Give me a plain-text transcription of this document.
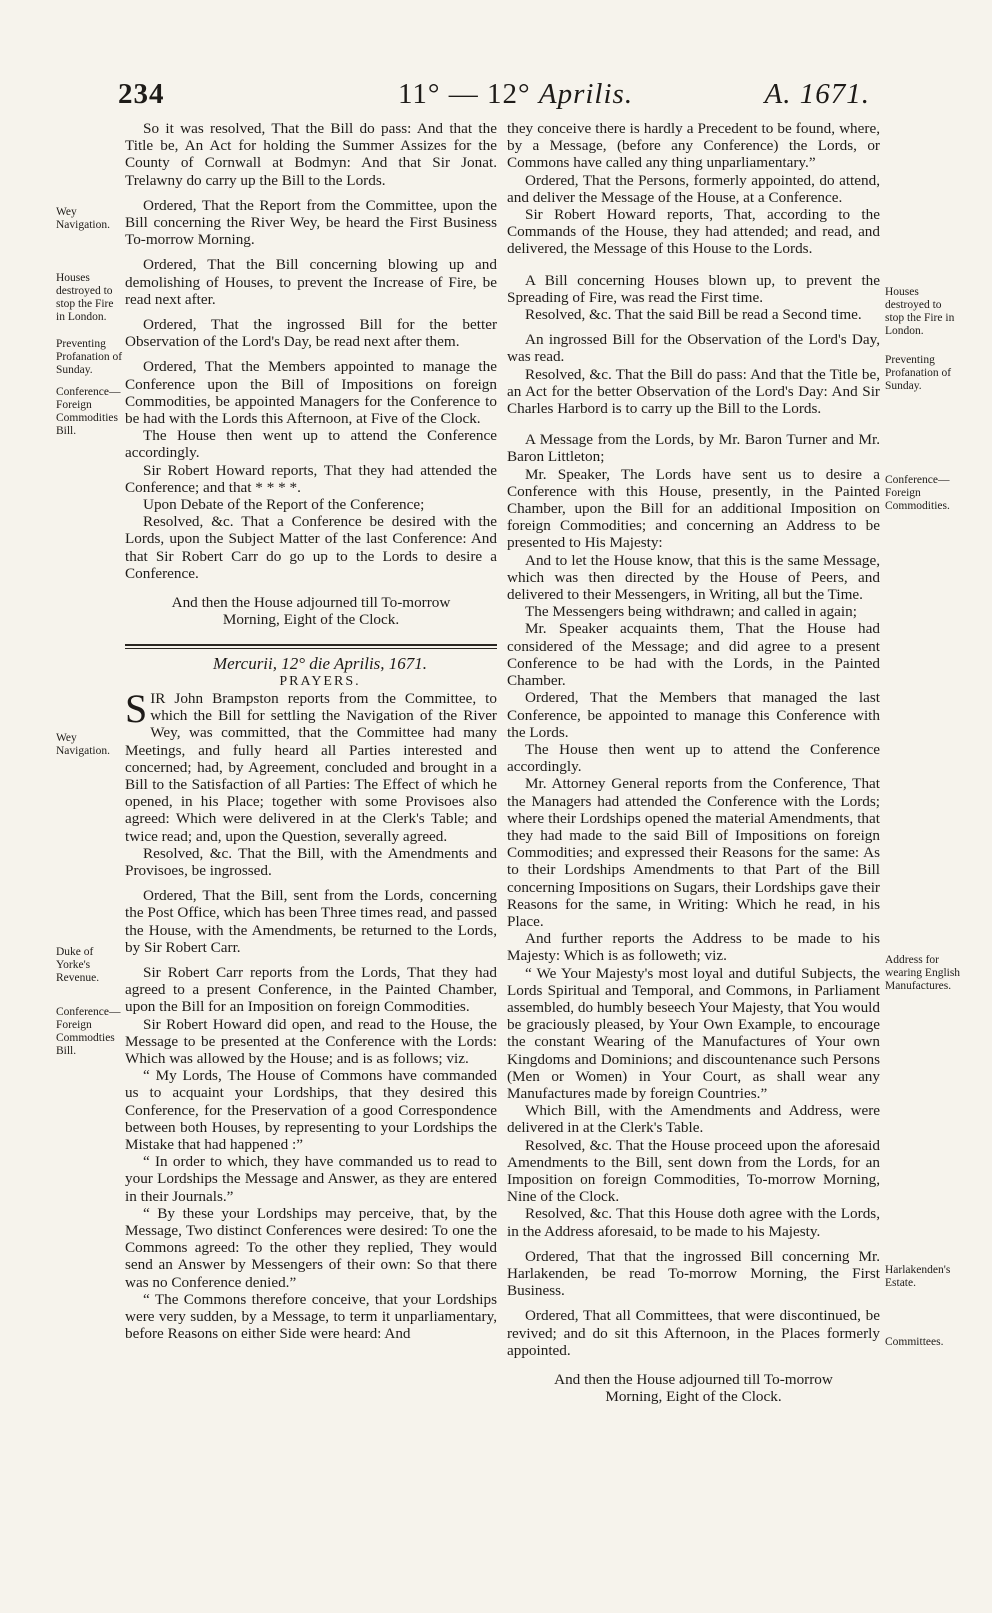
234	11° — 12° Aprilis.	A. 1671.
Wey Navigation.
Houses destroyed to stop the Fire in London.
Preventing Profanation of Sunday.
Conference— Foreign Commodities Bill.
Wey Navigation.
Duke of Yorke's Revenue.
Conference— Foreign Commodties Bill.
Houses destroyed to stop the Fire in London.
Preventing Profanation of Sunday.
Conference— Foreign Commodities.
Address for wearing English Manufactures.
Harlakenden's Estate.
Committees.

So it was resolved, That the Bill do pass: And that the Title be, An Act for holding the Summer Assizes for the County of Cornwall at Bodmyn: And that Sir Jonat. Trelawny do carry up the Bill to the Lords.

Ordered, That the Report from the Committee, upon the Bill concerning the River Wey, be heard the First Business To-morrow Morning.

Ordered, That the Bill concerning blowing up and demolishing of Houses, to prevent the Increase of Fire, be read next after.

Ordered, That the ingrossed Bill for the better Observation of the Lord's Day, be read next after them.

Ordered, That the Members appointed to manage the Conference upon the Bill of Impositions on foreign Commodities, be appointed Managers for the Conference to be had with the Lords this Afternoon, at Five of the Clock.

The House then went up to attend the Conference accordingly.

Sir Robert Howard reports, That they had attended the Conference; and that * * * *.

Upon Debate of the Report of the Conference;

Resolved, &c. That a Conference be desired with the Lords, upon the Subject Matter of the last Conference: And that Sir Robert Carr do go up to the Lords to desire a Conference.

And then the House adjourned till To-morrow Morning, Eight of the Clock.

Mercurii, 12° die Aprilis, 1671.

PRAYERS.

SIR John Brampston reports from the Committee, to which the Bill for settling the Navigation of the River Wey, was committed, that the Committee had many Meetings, and fully heard all Parties interested and concerned; had, by Agreement, concluded and brought in a Bill to the Satisfaction of all Parties: The Effect of which he opened, in his Place; together with some Provisoes also agreed: Which were delivered in at the Clerk's Table; and twice read; and, upon the Question, severally agreed.

Resolved, &c. That the Bill, with the Amendments and Provisoes, be ingrossed.

Ordered, That the Bill, sent from the Lords, concerning the Post Office, which has been Three times read, and passed the House, with the Amendments, be returned to the Lords, by Sir Robert Carr.

Sir Robert Carr reports from the Lords, That they had agreed to a present Conference, in the Painted Chamber, upon the Bill for an Imposition on foreign Commodities.

Sir Robert Howard did open, and read to the House, the Message to be presented at the Conference with the Lords: Which was allowed by the House; and is as follows; viz.

“ My Lords, The House of Commons have commanded us to acquaint your Lordships, that they desired this Conference, for the Preservation of a good Correspondence between both Houses, by representing to your Lordships the Mistake that had happened :”

“ In order to which, they have commanded us to read to your Lordships the Message and Answer, as they are entered in their Journals.”

“ By these your Lordships may perceive, that, by the Message, Two distinct Conferences were desired: To one the Commons agreed: To the other they replied, They would send an Answer by Messengers of their own: So that there was no Conference denied.”

“ The Commons therefore conceive, that your Lordships were very sudden, by a Message, to term it unparliamentary, before Reasons on either Side were heard: And

they conceive there is hardly a Precedent to be found, where, by a Message, (before any Conference) the Lords, or Commons have called any thing unparliamentary.”

Ordered, That the Persons, formerly appointed, do attend, and deliver the Message of the House, at a Conference.

Sir Robert Howard reports, That, according to the Commands of the House, they had attended; and read, and delivered, the Message of this House to the Lords.

A Bill concerning Houses blown up, to prevent the Spreading of Fire, was read the First time.

Resolved, &c. That the said Bill be read a Second time.

An ingrossed Bill for the Observation of the Lord's Day, was read.

Resolved, &c. That the Bill do pass: And that the Title be, an Act for the better Observation of the Lord's Day: And Sir Charles Harbord is to carry up the Bill to the Lords.

A Message from the Lords, by Mr. Baron Turner and Mr. Baron Littleton;

Mr. Speaker, The Lords have sent us to desire a Conference with this House, presently, in the Painted Chamber, upon the Bill for an additional Imposition on foreign Commodities; and concerning an Address to be presented to His Majesty:

And to let the House know, that this is the same Message, which was then directed by the House of Peers, and delivered to their Messengers, in Writing, all but the Time.

The Messengers being withdrawn; and called in again;

Mr. Speaker acquaints them, That the House had considered of the Message; and did agree to a present Conference to be had with the Lords, in the Painted Chamber.

Ordered, That the Members that managed the last Conference, be appointed to manage this Conference with the Lords.

The House then went up to attend the Conference accordingly.

Mr. Attorney General reports from the Conference, That the Managers had attended the Conference with the Lords; where their Lordships opened the material Amendments, that they had made to the said Bill of Impositions on foreign Commodities; and expressed their Reasons for the same: As to their Lordships Amendments to that Part of the Bill concerning Impositions on Sugars, their Lordships gave their Reasons for the same, in Writing: Which he read, in his Place.

And further reports the Address to be made to his Majesty: Which is as followeth; viz.

“ We Your Majesty's most loyal and dutiful Subjects, the Lords Spiritual and Temporal, and Commons, in Parliament assembled, do humbly beseech Your Majesty, that You would be graciously pleased, by Your Own Example, to encourage the constant Wearing of the Manufactures of Your own Kingdoms and Dominions; and discountenance such Persons (Men or Women) in Your Court, as shall wear any Manufactures made by foreign Countries.”

Which Bill, with the Amendments and Address, were delivered in at the Clerk's Table.

Resolved, &c. That the House proceed upon the aforesaid Amendments to the Bill, sent down from the Lords, for an Imposition on foreign Commodities, To-morrow Morning, Nine of the Clock.

Resolved, &c. That this House doth agree with the Lords, in the Address aforesaid, to be made to his Majesty.

Ordered, That that the ingrossed Bill concerning Mr. Harlakenden, be read To-morrow Morning, the First Business.

Ordered, That all Committees, that were discontinued, be revived; and do sit this Afternoon, in the Places formerly appointed.

And then the House adjourned till To-morrow Morning, Eight of the Clock.
